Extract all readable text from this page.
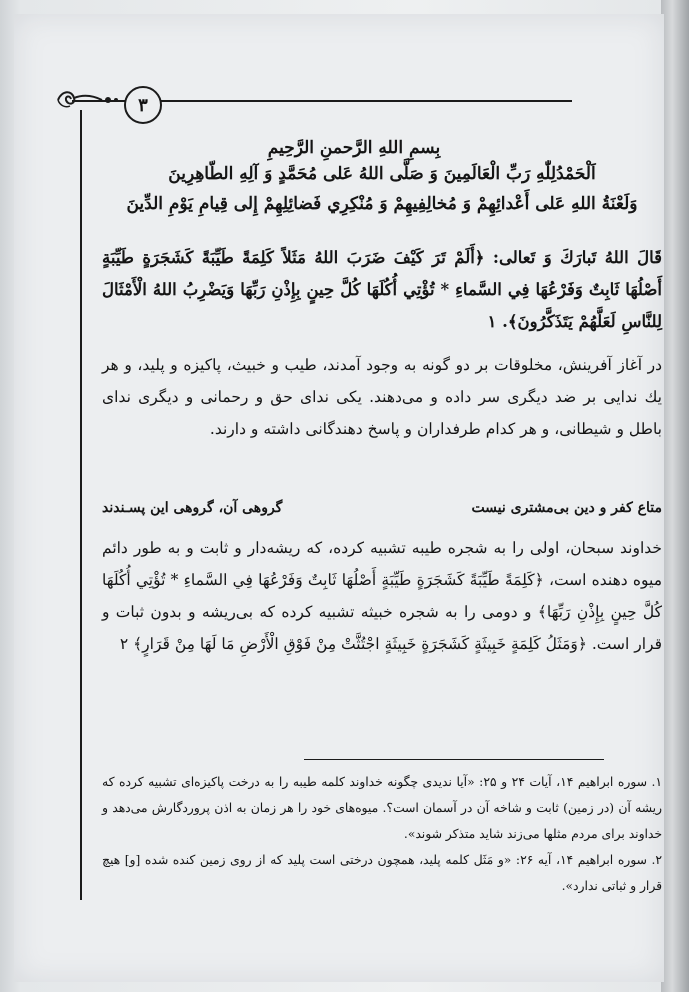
۳
بِسمِ اللهِ الرَّحمنِ الرَّحِيمِ
اَلْحَمْدُلِلّٰهِ رَبِّ الْعَالَمِينَ وَ صَلَّى اللهُ عَلى مُحَمَّدٍ وَ آلِهِ الطّاهِرِينَ
وَلَعْنَةُ اللهِ عَلى أَعْدائِهِمْ وَ مُخالِفِيهِمْ وَ مُنْكِرِي فَضائِلِهِمْ إِلى قِيامِ يَوْمِ الدِّينَ
قَالَ اللهُ تَبارَكَ وَ تَعالى: ﴿أَلَمْ تَرَ كَيْفَ ضَرَبَ اللهُ مَثَلاً كَلِمَةً طَيِّبَةً كَشَجَرَةٍ طَيِّبَةٍ أَصْلُهَا ثَابِتٌ وَفَرْعُهَا فِي السَّماءِ * تُؤْتِي أُكُلَهَا كُلَّ حِينٍ بِإِذْنِ رَبِّهَا وَيَضْرِبُ اللهُ الْأَمْثَالَ لِلنَّاسِ لَعَلَّهُمْ يَتَذَكَّرُونَ﴾. ۱
در آغاز آفرینش، مخلوقات بر دو گونه به وجود آمدند، طیب و خبیث، پاکیزه و پلید، و هر یك ندایی بر ضد دیگری سر داده و می‌دهند. یکی ندای حق و رحمانی و دیگری ندای باطل و شیطانی، و هر کدام طرفداران و پاسخ دهندگانی داشته و دارند.
متاع کفر و دین بی‌مشتری نیست
گروهی آن، گروهی این پسـندند
خداوند سبحان، اولی را به شجره طیبه تشبیه کرده، که ریشه‌دار و ثابت و به طور دائم میوه دهنده است، ﴿كَلِمَةً طَيِّبَةً كَشَجَرَةٍ طَيِّبَةٍ أَصْلُهَا ثَابِتٌ وَفَرْعُهَا فِي السَّماءِ * تُؤْتِي أُكُلَهَا كُلَّ حِينٍ بِإِذْنِ رَبِّهَا﴾ و دومی را به شجره خبیثه تشبیه کرده که بی‌ریشه و بدون ثبات و قرار است. ﴿وَمَثَلُ كَلِمَةٍ خَبِيثَةٍ كَشَجَرَةٍ خَبِيثَةٍ اجْتُثَّتْ مِنْ فَوْقِ الْأَرْضِ مَا لَهَا مِنْ قَرَارٍ﴾ ۲

۱. سوره ابراهیم ۱۴، آیات ۲۴ و ۲۵: «آیا ندیدی چگونه خداوند کلمه طیبه را به درخت پاکیزه‌ای تشبیه کرده که ریشه آن (در زمین) ثابت و شاخه آن در آسمان است؟. میوه‌های خود را هر زمان به اذن پروردگارش می‌دهد و خداوند برای مردم مثلها می‌زند شاید متذکر شوند».

۲. سوره ابراهیم ۱۴، آیه ۲۶: «و مَثَل کلمه پلید، همچون درختی است پلید که از روی زمین کنده شده [و] هیچ قرار و ثباتی ندارد».
